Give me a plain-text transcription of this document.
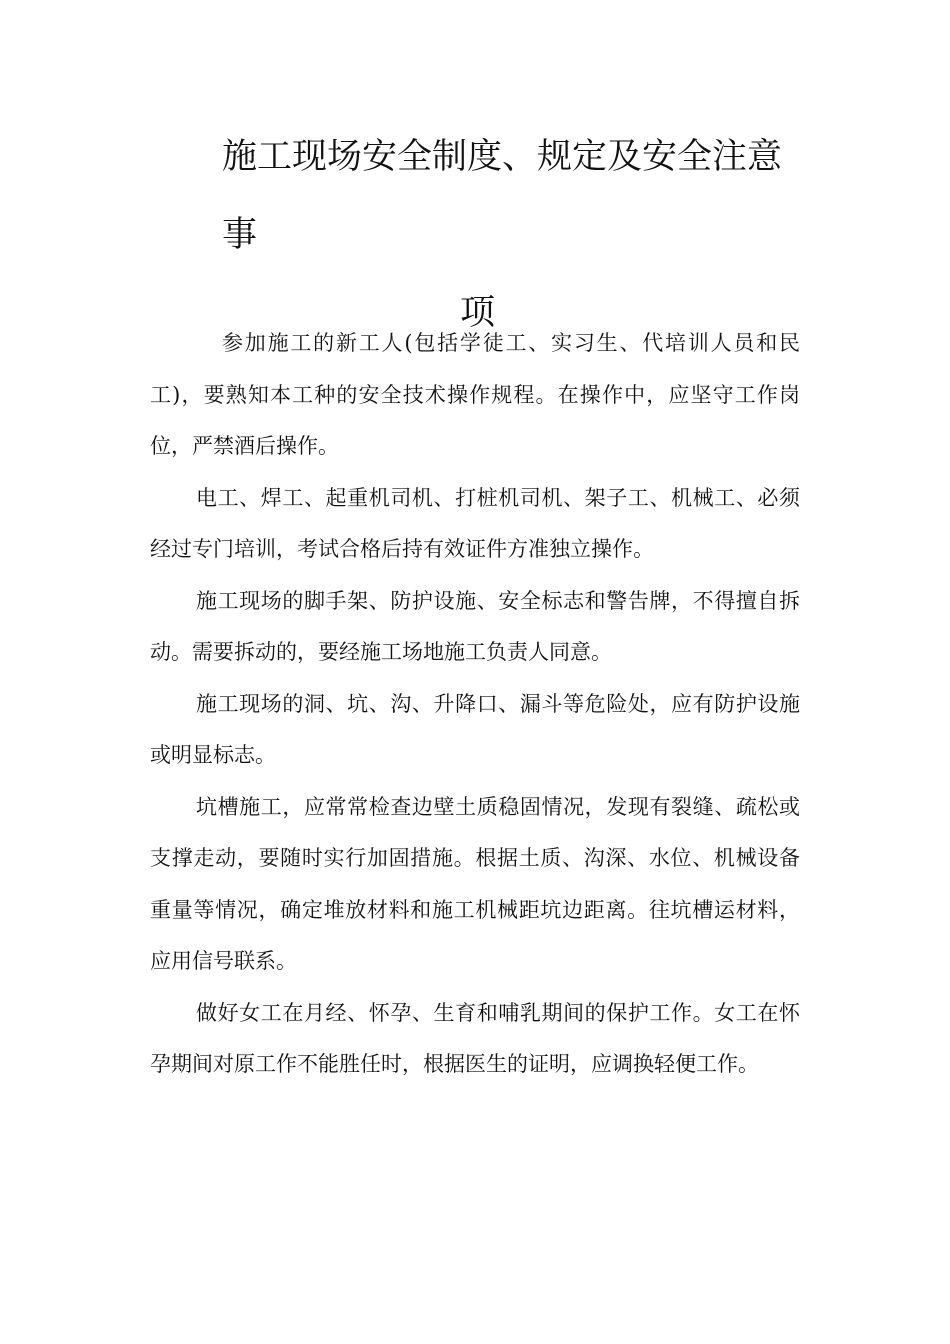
施工现场安全制度、规定及安全注意事
项

参加施工的新工人(包括学徒工、实习生、代培训人员和民工)，要熟知本工种的安全技术操作规程。在操作中，应坚守工作岗位，严禁酒后操作。

电工、焊工、起重机司机、打桩机司机、架子工、机械工、必须经过专门培训，考试合格后持有效证件方准独立操作。

施工现场的脚手架、防护设施、安全标志和警告牌，不得擅自拆动。需要拆动的，要经施工场地施工负责人同意。

施工现场的洞、坑、沟、升降口、漏斗等危险处，应有防护设施或明显标志。

坑槽施工，应常常检查边壁土质稳固情况，发现有裂缝、疏松或支撑走动，要随时实行加固措施。根据土质、沟深、水位、机械设备重量等情况，确定堆放材料和施工机械距坑边距离。往坑槽运材料，应用信号联系。

做好女工在月经、怀孕、生育和哺乳期间的保护工作。女工在怀孕期间对原工作不能胜任时，根据医生的证明，应调换轻便工作。
